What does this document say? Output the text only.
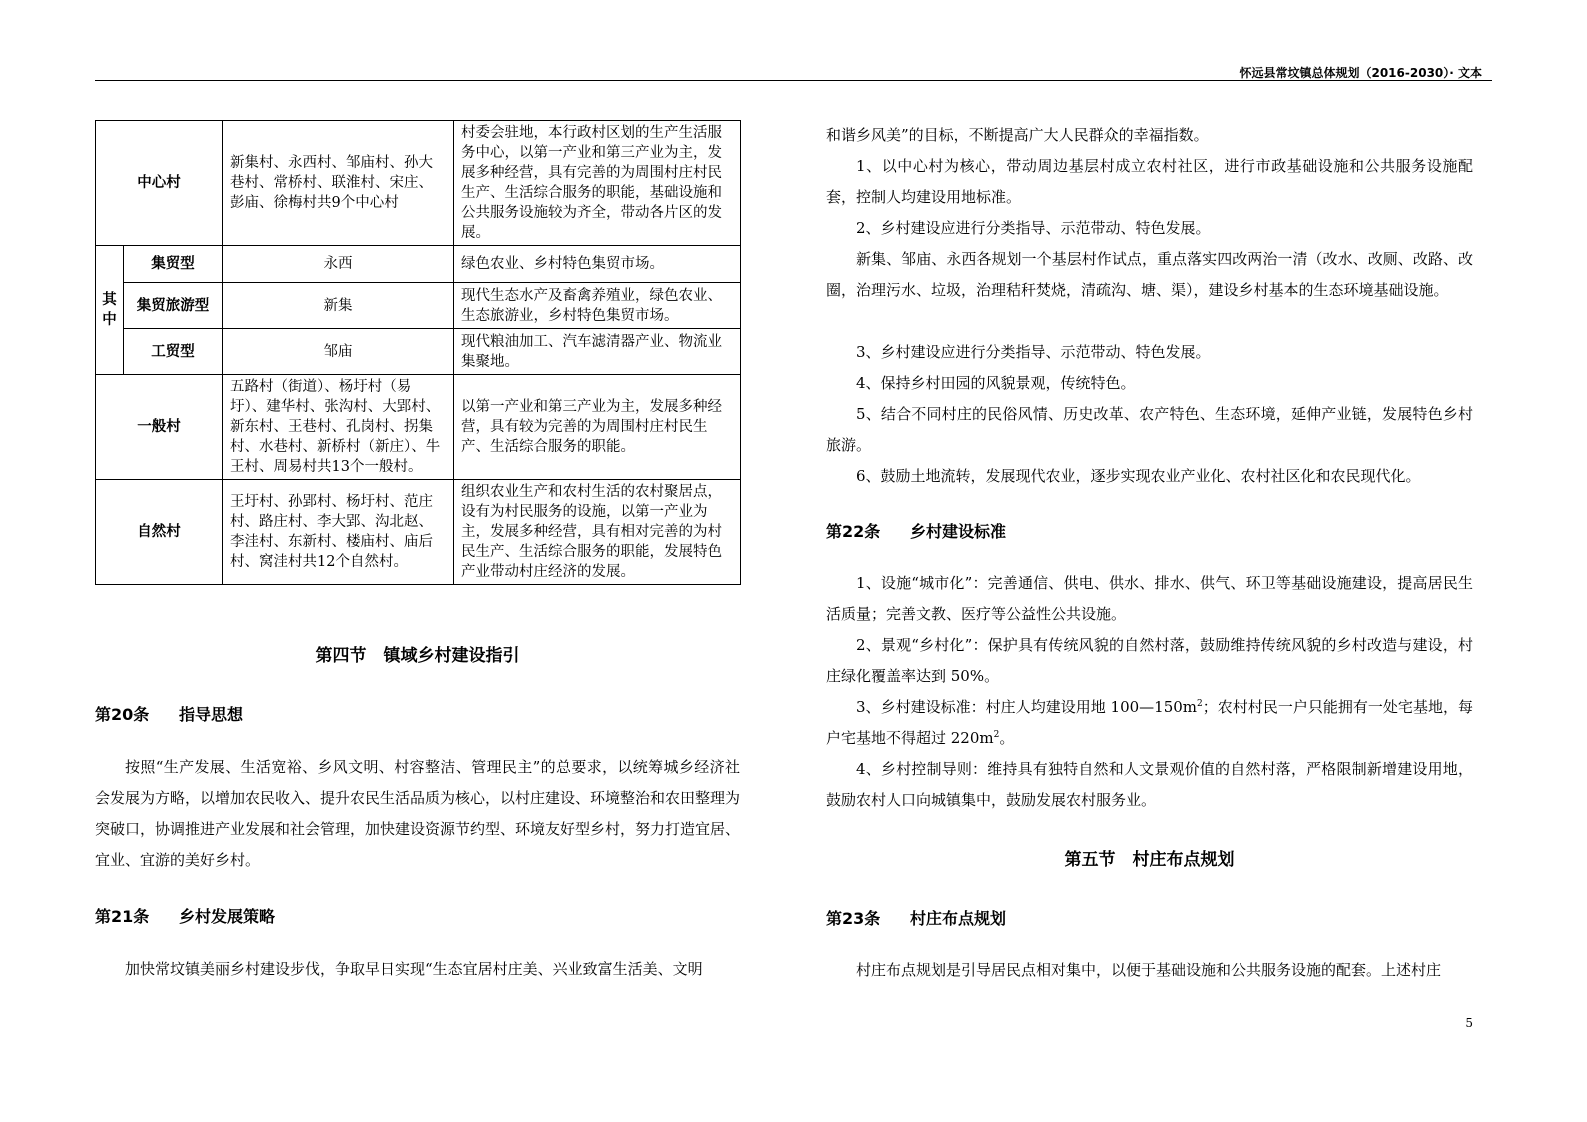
怀远县常坟镇总体规划（2016-2030）· 文本
中心村		新集村、永西村、邹庙村、孙大巷村、常桥村、联淮村、宋庄、彭庙、徐梅村共9个中心村	村委会驻地，本行政村区划的生产生活服务中心，以第一产业和第三产业为主，发展多种经营，具有完善的为周围村庄村民生产、生活综合服务的职能，基础设施和公共服务设施较为齐全，带动各片区的发展。

其
中	集贸型	永西	绿色农业、乡村特色集贸市场。
	集贸旅游型	新集	现代生态水产及畜禽养殖业，绿色农业、生态旅游业，乡村特色集贸市场。
	工贸型	邹庙	现代粮油加工、汽车滤清器产业、物流业集聚地。
一般村		五路村（街道）、杨圩村（易圩）、建华村、张沟村、大郢村、新东村、王巷村、孔岗村、拐集村、水巷村、新桥村（新庄）、牛王村、周易村共13个一般村。	以第一产业和第三产业为主，发展多种经营，具有较为完善的为周围村庄村民生产、生活综合服务的职能。
自然村		王圩村、孙郢村、杨圩村、范庄村、路庄村、李大郢、沟北赵、李洼村、东新村、楼庙村、庙后村、窝洼村共12个自然村。	组织农业生产和农村生活的农村聚居点，设有为村民服务的设施，以第一产业为主，发展多种经营，具有相对完善的为村民生产、生活综合服务的职能，发展特色产业带动村庄经济的发展。
第四节　镇域乡村建设指引
第20条 指导思想
按照“生产发展、生活宽裕、乡风文明、村容整洁、管理民主”的总要求，以统筹城乡经济社会发展为方略，以增加农民收入、提升农民生活品质为核心，以村庄建设、环境整治和农田整理为突破口，协调推进产业发展和社会管理，加快建设资源节约型、环境友好型乡村，努力打造宜居、宜业、宜游的美好乡村。
第21条 乡村发展策略
加快常坟镇美丽乡村建设步伐，争取早日实现“生态宜居村庄美、兴业致富生活美、文明
和谐乡风美”的目标，不断提高广大人民群众的幸福指数。
1、以中心村为核心，带动周边基层村成立农村社区，进行市政基础设施和公共服务设施配套，控制人均建设用地标准。
2、乡村建设应进行分类指导、示范带动、特色发展。
新集、邹庙、永西各规划一个基层村作试点，重点落实四改两治一清（改水、改厕、改路、改圈，治理污水、垃圾，治理秸秆焚烧，清疏沟、塘、渠），建设乡村基本的生态环境基础设施。
3、乡村建设应进行分类指导、示范带动、特色发展。
4、保持乡村田园的风貌景观，传统特色。
5、结合不同村庄的民俗风情、历史改革、农产特色、生态环境，延伸产业链，发展特色乡村旅游。
6、鼓励土地流转，发展现代农业，逐步实现农业产业化、农村社区化和农民现代化。
第22条 乡村建设标准
1、设施“城市化”：完善通信、供电、供水、排水、供气、环卫等基础设施建设，提高居民生活质量；完善文教、医疗等公益性公共设施。
2、景观“乡村化”：保护具有传统风貌的自然村落，鼓励维持传统风貌的乡村改造与建设，村庄绿化覆盖率达到 50%。
3、乡村建设标准：村庄人均建设用地 $100—150m^2$；农村村民一户只能拥有一处宅基地，每户宅基地不得超过 $220m^2$。
4、乡村控制导则：维持具有独特自然和人文景观价值的自然村落，严格限制新增建设用地，鼓励农村人口向城镇集中，鼓励发展农村服务业。
第五节　村庄布点规划
第23条 村庄布点规划
村庄布点规划是引导居民点相对集中，以便于基础设施和公共服务设施的配套。上述村庄
5
